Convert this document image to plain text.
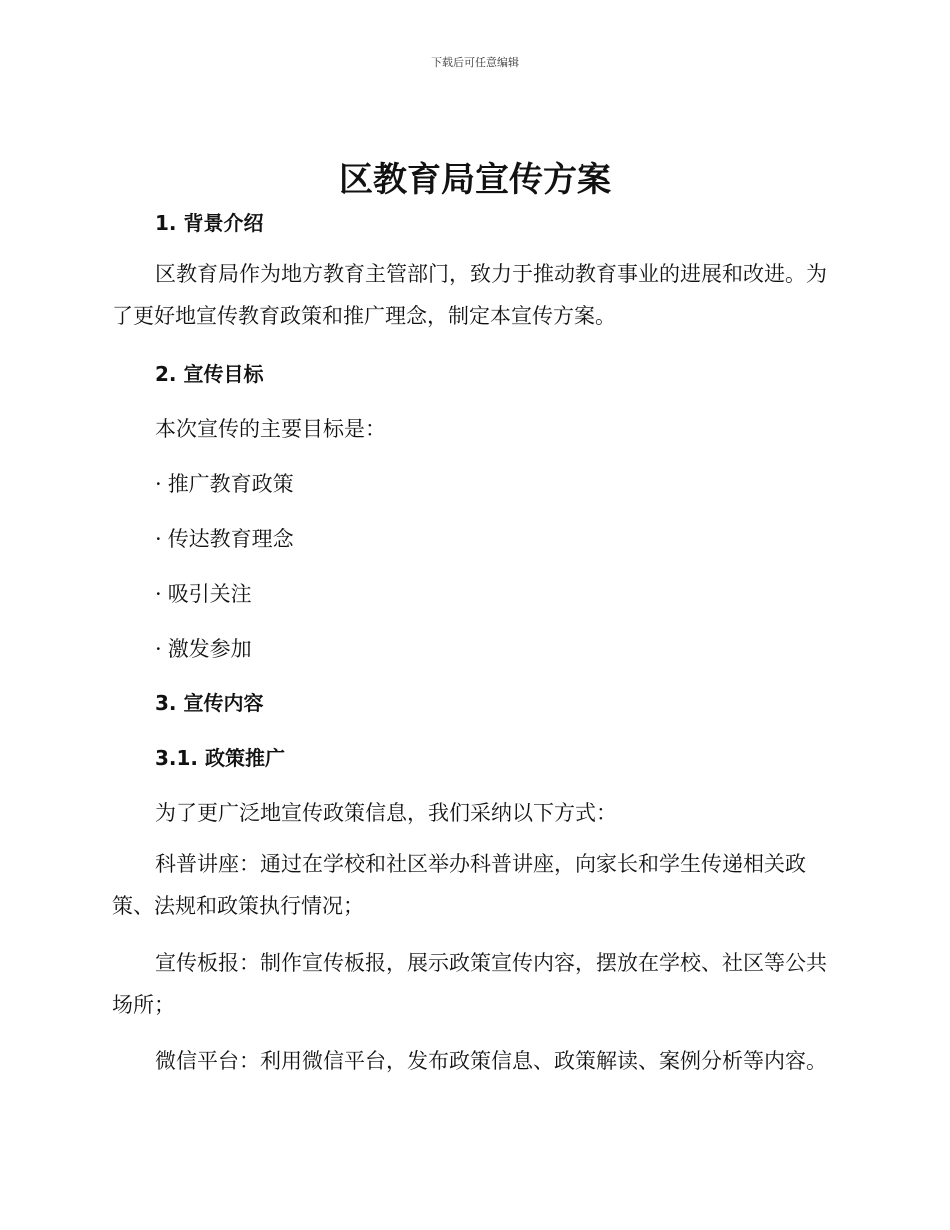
下载后可任意编辑
区教育局宣传方案
1. 背景介绍

区教育局作为地方教育主管部门，致力于推动教育事业的进展和改进。为了更好地宣传教育政策和推广理念，制定本宣传方案。

2. 宣传目标

本次宣传的主要目标是：

· 推广教育政策

· 传达教育理念

· 吸引关注

· 激发参加

3. 宣传内容
3.1. 政策推广

为了更广泛地宣传政策信息，我们采纳以下方式：

科普讲座：通过在学校和社区举办科普讲座，向家长和学生传递相关政策、法规和政策执行情况；

宣传板报：制作宣传板报，展示政策宣传内容，摆放在学校、社区等公共场所；

微信平台：利用微信平台，发布政策信息、政策解读、案例分析等内容。
